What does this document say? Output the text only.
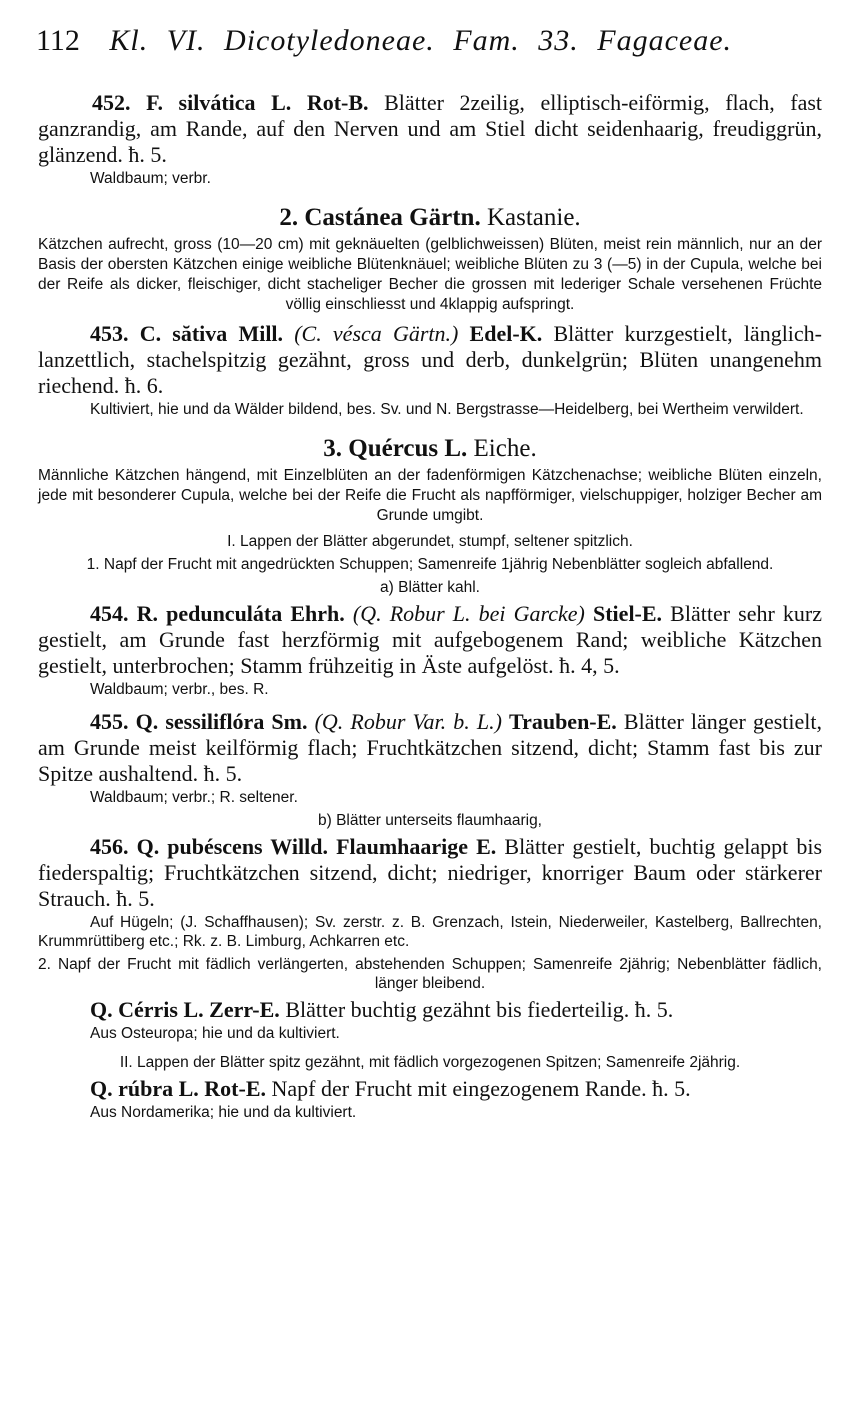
112 Kl. VI. Dicotyledoneae. Fam. 33. Fagaceae.

452. F. silvática L. Rot-B. Blätter 2zeilig, elliptisch-eiförmig, flach, fast ganzrandig, am Rande, auf den Nerven und am Stiel dicht seidenhaarig, freudiggrün, glänzend. ħ. 5.

Waldbaum; verbr.

2. Castánea Gärtn. Kastanie.

Kätzchen aufrecht, gross (10—20 cm) mit geknäuelten (gelblichweissen) Blüten, meist rein männlich, nur an der Basis der obersten Kätzchen einige weibliche Blütenknäuel; weibliche Blüten zu 3 (—5) in der Cupula, welche bei der Reife als dicker, fleischiger, dicht stacheliger Becher die grossen mit lederiger Schale versehenen Früchte völlig einschliesst und 4klappig aufspringt.

453. C. sătiva Mill. (C. vésca Gärtn.) Edel-K. Blätter kurzgestielt, länglich-lanzettlich, stachelspitzig gezähnt, gross und derb, dunkelgrün; Blüten unangenehm riechend. ħ. 6.

Kultiviert, hie und da Wälder bildend, bes. Sv. und N. Bergstrasse—Heidelberg, bei Wertheim verwildert.

3. Quércus L. Eiche.

Männliche Kätzchen hängend, mit Einzelblüten an der fadenförmigen Kätzchenachse; weibliche Blüten einzeln, jede mit besonderer Cupula, welche bei der Reife die Frucht als napfförmiger, vielschuppiger, holziger Becher am Grunde umgibt.

I. Lappen der Blätter abgerundet, stumpf, seltener spitzlich.

1. Napf der Frucht mit angedrückten Schuppen; Samenreife 1jährig Nebenblätter sogleich abfallend.

a) Blätter kahl.

454. R. pedunculáta Ehrh. (Q. Robur L. bei Garcke) Stiel-E. Blätter sehr kurz gestielt, am Grunde fast herzförmig mit aufgebogenem Rand; weibliche Kätzchen gestielt, unterbrochen; Stamm frühzeitig in Äste aufgelöst. ħ. 4, 5.

Waldbaum; verbr., bes. R.

455. Q. sessiliflóra Sm. (Q. Robur Var. b. L.) Trauben-E. Blätter länger gestielt, am Grunde meist keilförmig flach; Fruchtkätzchen sitzend, dicht; Stamm fast bis zur Spitze aushaltend. ħ. 5.

Waldbaum; verbr.; R. seltener.

b) Blätter unterseits flaumhaarig,

456. Q. pubéscens Willd. Flaumhaarige E. Blätter gestielt, buchtig gelappt bis fiederspaltig; Fruchtkätzchen sitzend, dicht; niedriger, knorriger Baum oder stärkerer Strauch. ħ. 5.

Auf Hügeln; (J. Schaffhausen); Sv. zerstr. z. B. Grenzach, Istein, Niederweiler, Kastelberg, Ballrechten, Krummrüttiberg etc.; Rk. z. B. Limburg, Achkarren etc.

2. Napf der Frucht mit fädlich verlängerten, abstehenden Schuppen; Samenreife 2jährig; Nebenblätter fädlich, länger bleibend.

Q. Cérris L. Zerr-E. Blätter buchtig gezähnt bis fiederteilig. ħ. 5.

Aus Osteuropa; hie und da kultiviert.

II. Lappen der Blätter spitz gezähnt, mit fädlich vorgezogenen Spitzen; Samenreife 2jährig.

Q. rúbra L. Rot-E. Napf der Frucht mit eingezogenem Rande. ħ. 5.

Aus Nordamerika; hie und da kultiviert.
